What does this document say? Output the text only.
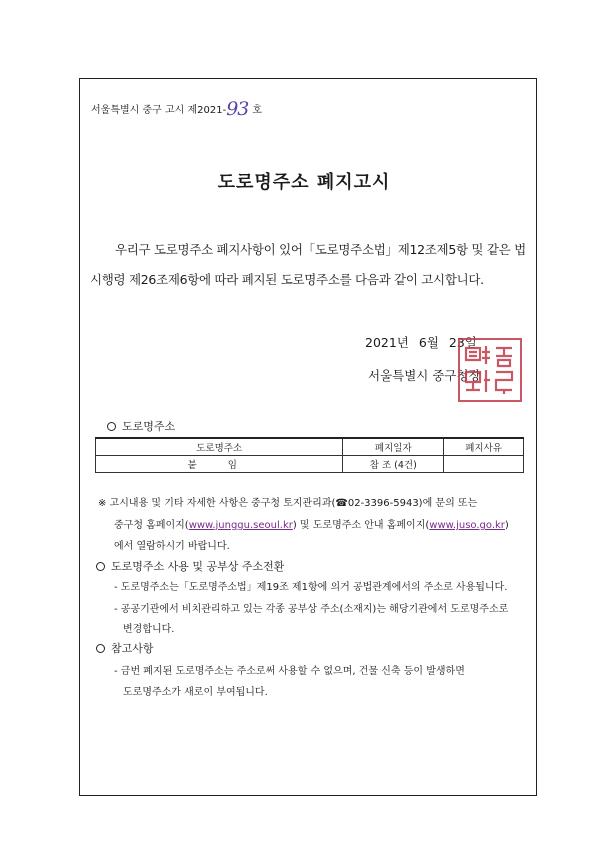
서울특별시 중구 고시 제2021-93 호
도로명주소 폐지고시
우리구 도로명주소 폐지사항이 있어「도로명주소법」제12조제5항 및 같은 법
시행령 제26조제6항에 따라 폐지된 도로명주소를 다음과 같이 고시합니다.
2021년 6월 23일
서울특별시 중구청장
도로명주소
도로명주소	폐지일자	폐지사유
붙 임	참 조 (4건)	
※ 고시내용 및 기타 자세한 사항은 중구청 토지관리과(☎02-3396-5943)에 문의 또는
중구청 홈페이지(www.junggu.seoul.kr) 및 도로명주소 안내 홈페이지(www.juso.go.kr)
에서 열람하시기 바랍니다.
도로명주소 사용 및 공부상 주소전환
- 도로명주소는「도로명주소법」제19조 제1항에 의거 공법관계에서의 주소로 사용됩니다.
- 공공기관에서 비치관리하고 있는 각종 공부상 주소(소재지)는 해당기관에서 도로명주소로
변경합니다.
참고사항
- 금번 폐지된 도로명주소는 주소로써 사용할 수 없으며, 건물 신축 등이 발생하면
도로명주소가 새로이 부여됩니다.
